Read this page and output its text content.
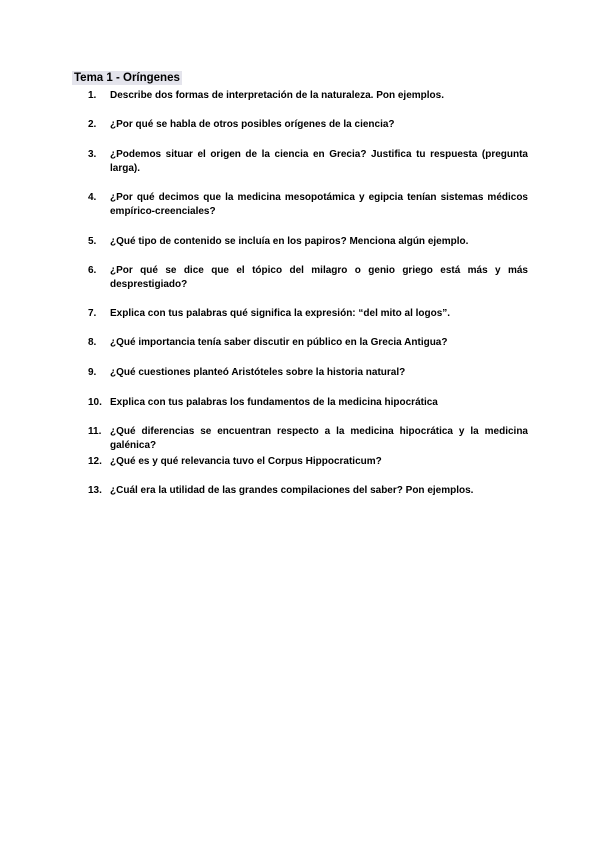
Tema 1 - Oríngenes
1.	Describe dos formas de interpretación de la naturaleza. Pon ejemplos.
2.	¿Por qué se habla de otros posibles orígenes de la ciencia?
3.	¿Podemos situar el origen de la ciencia en Grecia? Justifica tu respuesta (pregunta larga).
4.	¿Por qué decimos que la medicina mesopotámica y egipcia tenían sistemas médicos empírico-creenciales?
5.	¿Qué tipo de contenido se incluía en los papiros? Menciona algún ejemplo.
6.	¿Por qué se dice que el tópico del milagro o genio griego está más y más desprestigiado?
7.	Explica con tus palabras qué significa la expresión: “del mito al logos”.
8.	¿Qué importancia tenía saber discutir en público en la Grecia Antigua?
9.	¿Qué cuestiones planteó Aristóteles sobre la historia natural?
10. Explica con tus palabras los fundamentos de la medicina hipocrática
11. ¿Qué diferencias se encuentran respecto a la medicina hipocrática y la medicina galénica?
12. ¿Qué es y qué relevancia tuvo el Corpus Hippocraticum?
13. ¿Cuál era la utilidad de las grandes compilaciones del saber? Pon ejemplos.
